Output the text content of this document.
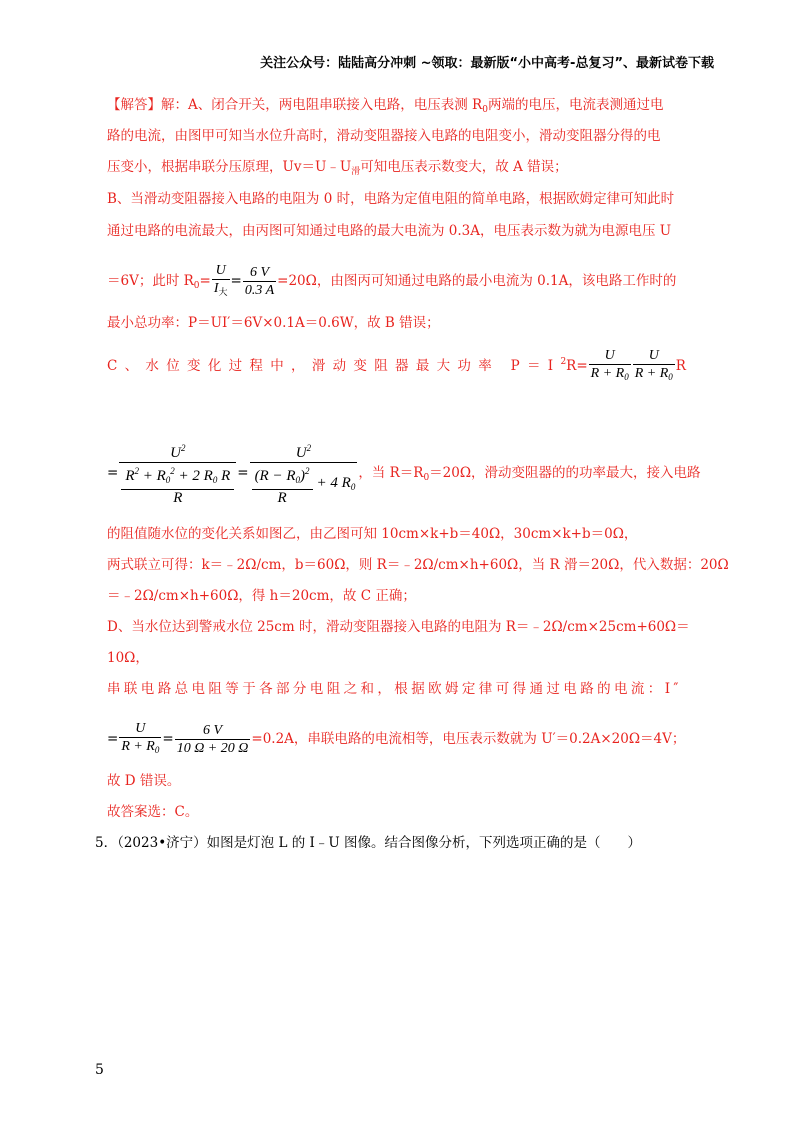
关注公众号：陆陆高分冲刺 ~领取：最新版“小中高考-总复习”、最新试卷下载
【解答】解：A、闭合开关，两电阻串联接入电路，电压表测 $R_0$两端的电压，电流表测通过电
路的电流，由图甲可知当水位升高时，滑动变阻器接入电路的电阻变小，滑动变阻器分得的电
压变小，根据串联分压原理，$Uv=U﹣U_滑$可知电压表示数变大，故 A 错误；
B、当滑动变阻器接入电路的电阻为 0 时，电路为定值电阻的简单电路，根据欧姆定律可知此时
通过电路的电流最大，由丙图可知通过电路的最大电流为 0.3A，电压表示数为就为电源电压 U
＝6V；此时 $R_0= \frac{U}{I_大} = \frac{6 V}{0.3 A} =20\Omega$，由图丙可知通过电路的最小电流为 0.1A，该电路工作时的
最小总功率：P＝UI′＝6V×0.1A＝0.6W，故 B 错误；
C、水位变化过程中，滑动变阻器最大功率 $P=I^2R= \frac{U}{R + R_0} \frac{U}{R + R_0}$ R
= $U^2$
$R^2 + R_0^2 + 2$ $R_0$ R
$R = U^2$
$(R - R_0)^2$
R
+ 4 $R_0$ ，当 $R=R_0=20\Omega$，滑动变阻器的的功率最大，接入电路
的阻值随水位的变化关系如图乙，由乙图可知 10cm×k+b＝40Ω，30cm×k+b＝0Ω，
两式联立可得：k＝﹣2Ω/cm，b＝60Ω，则 R＝﹣2Ω/cm×h+60Ω，当 R 滑＝20Ω，代入数据：20Ω
＝﹣2Ω/cm×h+60Ω，得 h＝20cm，故 C 正确；
D、当水位达到警戒水位 25cm 时，滑动变阻器接入电路的电阻为 R＝﹣2Ω/cm×25cm+60Ω＝
10Ω，
串联电路总电阻等于各部分电阻之和，根据欧姆定律可得通过电路的电流：I″
= $\frac{U}{R + R_0} = \frac{6 V}{10 \Omega + 20 \Omega} =0.2A$，串联电路的电流相等，电压表示数就为 U′＝0.2A×20Ω＝4V；
故 D 错误。
故答案选：C。
5．（2023•济宁）如图是灯泡 L 的 I﹣U 图像。结合图像分析，下列选项正确的是（　　）
5
